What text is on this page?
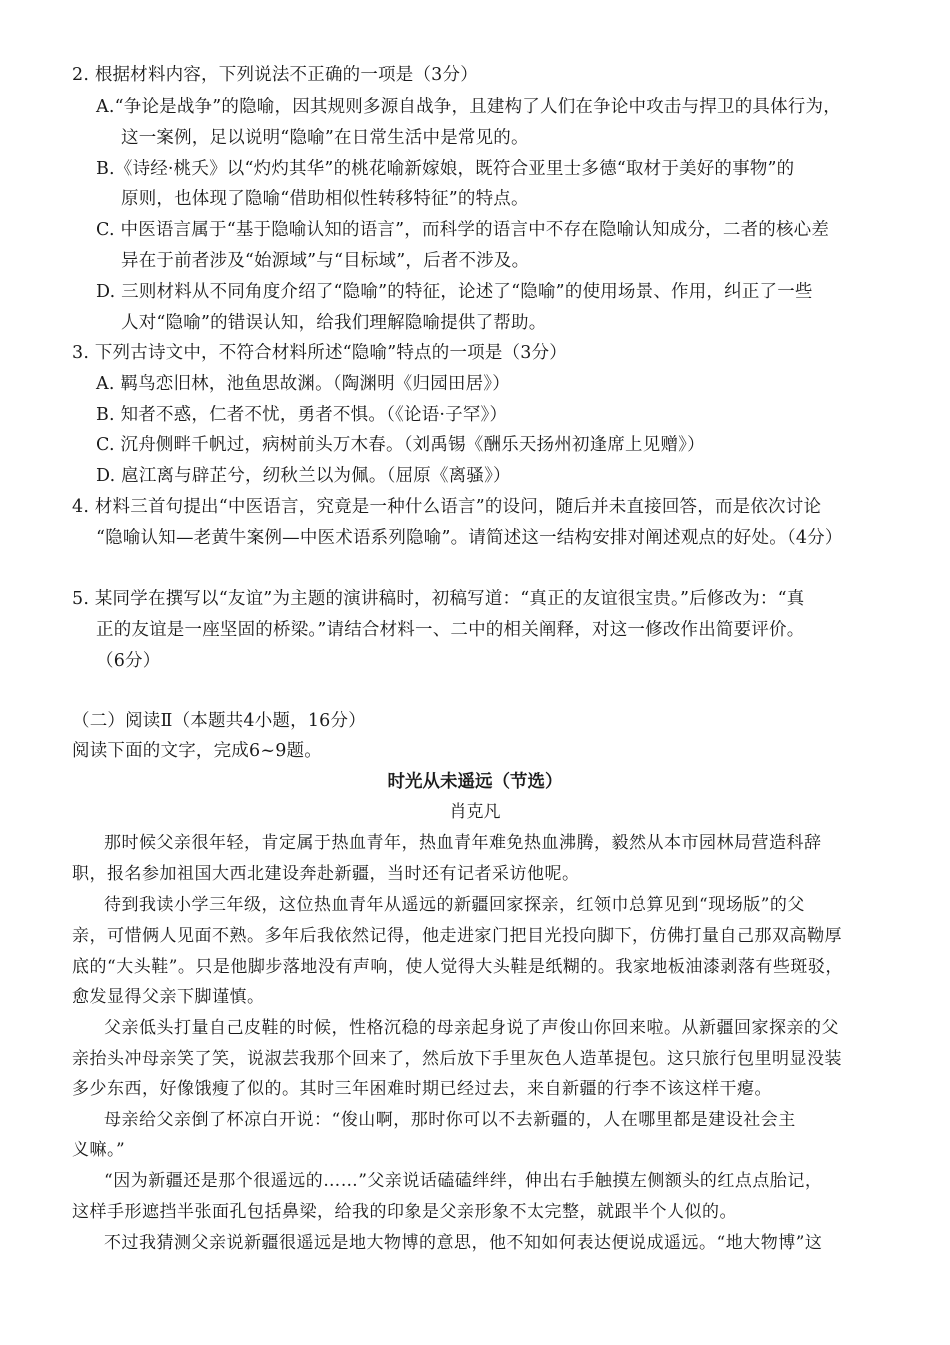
2. 根据材料内容，下列说法不正确的一项是（3分）
A.“争论是战争”的隐喻，因其规则多源自战争，且建构了人们在争论中攻击与捍卫的具体行为，
这一案例，足以说明“隐喻”在日常生活中是常见的。
B.《诗经·桃夭》以“灼灼其华”的桃花喻新嫁娘，既符合亚里士多德“取材于美好的事物”的
原则，也体现了隐喻“借助相似性转移特征”的特点。
C. 中医语言属于“基于隐喻认知的语言”，而科学的语言中不存在隐喻认知成分，二者的核心差
异在于前者涉及“始源域”与“目标域”，后者不涉及。
D. 三则材料从不同角度介绍了“隐喻”的特征，论述了“隐喻”的使用场景、作用，纠正了一些
人对“隐喻”的错误认知，给我们理解隐喻提供了帮助。
3. 下列古诗文中，不符合材料所述“隐喻”特点的一项是（3分）
A. 羁鸟恋旧林，池鱼思故渊。（陶渊明《归园田居》）
B. 知者不惑，仁者不忧，勇者不惧。（《论语·子罕》）
C. 沉舟侧畔千帆过，病树前头万木春。（刘禹锡《酬乐天扬州初逢席上见赠》）
D. 扈江离与辟芷兮，纫秋兰以为佩。（屈原《离骚》）
4. 材料三首句提出“中医语言，究竟是一种什么语言”的设问，随后并未直接回答，而是依次讨论
“隐喻认知—老黄牛案例—中医术语系列隐喻”。请简述这一结构安排对阐述观点的好处。（4分）
5. 某同学在撰写以“友谊”为主题的演讲稿时，初稿写道：“真正的友谊很宝贵。”后修改为：“真
正的友谊是一座坚固的桥梁。”请结合材料一、二中的相关阐释，对这一修改作出简要评价。
（6分）
（二）阅读Ⅱ（本题共4小题，16分）
阅读下面的文字，完成6~9题。
时光从未遥远（节选）
肖克凡
那时候父亲很年轻，肯定属于热血青年，热血青年难免热血沸腾，毅然从本市园林局营造科辞
职，报名参加祖国大西北建设奔赴新疆，当时还有记者采访他呢。
待到我读小学三年级，这位热血青年从遥远的新疆回家探亲，红领巾总算见到“现场版”的父
亲，可惜俩人见面不熟。多年后我依然记得，他走进家门把目光投向脚下，仿佛打量自己那双高靿厚
底的“大头鞋”。只是他脚步落地没有声响，使人觉得大头鞋是纸糊的。我家地板油漆剥落有些斑驳，
愈发显得父亲下脚谨慎。
父亲低头打量自己皮鞋的时候，性格沉稳的母亲起身说了声俊山你回来啦。从新疆回家探亲的父
亲抬头冲母亲笑了笑，说淑芸我那个回来了，然后放下手里灰色人造革提包。这只旅行包里明显没装
多少东西，好像饿瘦了似的。其时三年困难时期已经过去，来自新疆的行李不该这样干瘪。
母亲给父亲倒了杯凉白开说：“俊山啊，那时你可以不去新疆的，人在哪里都是建设社会主
义嘛。”
“因为新疆还是那个很遥远的……”父亲说话磕磕绊绊，伸出右手触摸左侧额头的红点点胎记，
这样手形遮挡半张面孔包括鼻梁，给我的印象是父亲形象不太完整，就跟半个人似的。
不过我猜测父亲说新疆很遥远是地大物博的意思，他不知如何表达便说成遥远。“地大物博”这
